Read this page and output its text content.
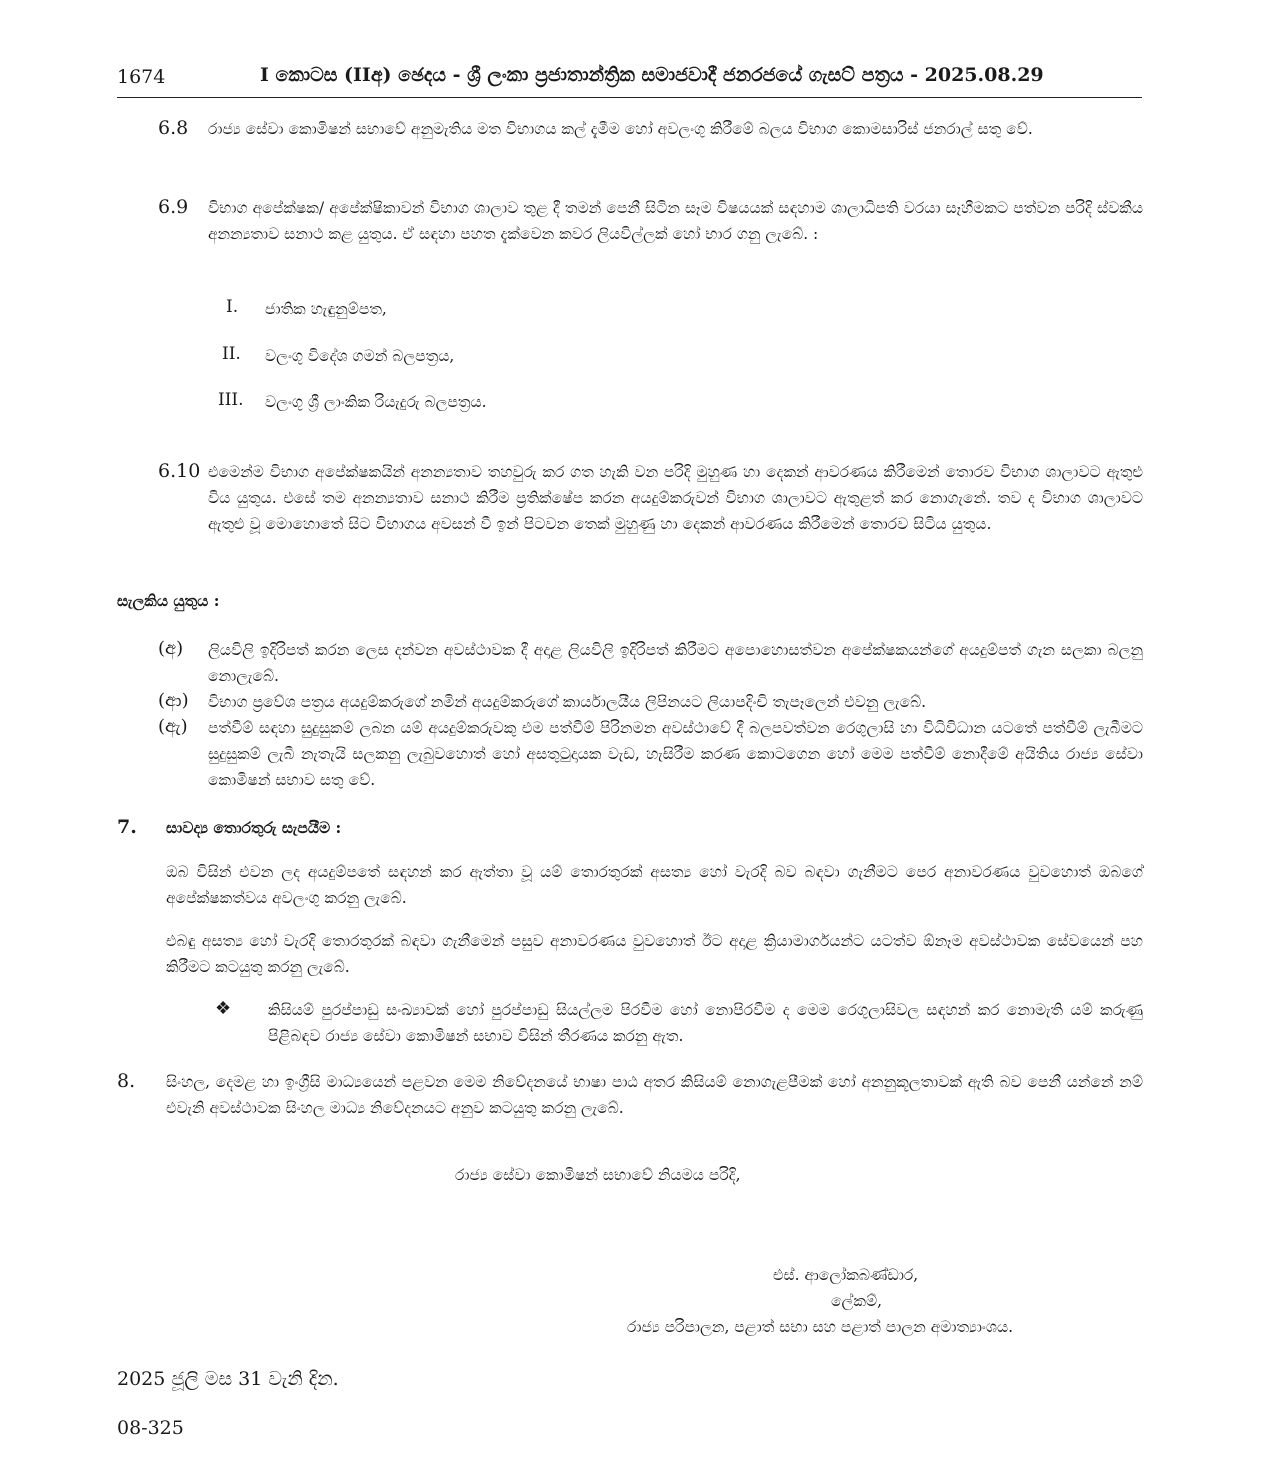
1674	I කොටස (IIඅ) ඡෙදය - ශ්‍රී ලංකා ප්‍රජාතාන්ත්‍රික සමාජවාදී ජනරජයේ ගැසට් පත්‍රය - 2025.08.29
6.8 රාජ්‍ය සේවා කොමිෂන් සභාවේ අනුමැතිය මත විභාගය කල් දැමීම හෝ අවලංගු කිරීමේ බලය විභාග කොමසාරිස් ජනරාල් සතු වේ.
6.9 විභාග අපේක්ෂක/ අපේක්ෂිකාවන් විභාග ශාලාව තුළ දී තමන් පෙනී සිටින සෑම විෂයයක් සඳහාම ශාලාධිපති වරයා සෑහීමකට පත්වන පරිදි ස්වකීය අනන්‍යතාව සනාථ කළ යුතුය. ඒ සඳහා පහත දැක්වෙන කවර ලියවිල්ලක් හෝ භාර ගනු ලැබේ. :
I. ජාතික හැඳුනුම්පත,
II. වලංගු විදේශ ගමන් බලපත්‍රය,
III. වලංගු ශ්‍රී ලාංකික රියැදුරු බලපත්‍රය.
6.10 එමෙන්ම විභාග අපේක්ෂකයින් අනන්‍යතාව තහවුරු කර ගත හැකි වන පරිදි මුහුණ හා දෙකන් ආවරණය කිරීමෙන් තොරව විභාග ශාලාවට ඇතුළු විය යුතුය. එසේ තම අනන්‍යතාව සනාථ කිරීම ප්‍රතික්ෂේප කරන අයදුම්කරුවන් විභාග ශාලාවට ඇතුළත් කර නොගැනේ. තව ද විභාග ශාලාවට ඇතුළු වූ මොහොතේ සිට විභාගය අවසන් වී ඉන් පිටවන තෙක් මුහුණු හා දෙකන් ආවරණය කිරීමෙන් තොරව සිටිය යුතුය.
සැලකිය යුතුය :
(අ) ලියවිලි ඉදිරිපත් කරන ලෙස දන්වන අවස්ථාවක දී අදාළ ලියවිලි ඉදිරිපත් කිරීමට අපොහොසත්වන අපේක්ෂකයන්ගේ අයදුම්පත් ගැන සලකා බලනු නොලැබේ.
(ආ) විභාග ප්‍රවේශ පත්‍රය අයදුම්කරුගේ නමින් අයදුම්කරුගේ කාර්යාලයීය ලිපිනයට ලියාපදිංචි තැපෑලෙන් එවනු ලැබේ.
(ඇ) පත්වීම් සඳහා සුදුසුකම් ලබන යම් අයදුම්කරුවකු එම පත්වීම් පිරිනමන අවස්ථාවේ දී බලපවත්වන රෙගුලාසි හා විධිවිධාන යටතේ පත්වීම් ලැබීමට සුදුසුකම් ලැබී නැතැයි සලකනු ලැබුවහොත් හෝ අසතුටුදායක වැඩ, හැසිරීම කරණ කොටගෙන හෝ මෙම පත්වීම් නොදීමේ අයිතිය රාජ්‍ය සේවා කොමිෂන් සභාව සතු වේ.
7. සාවද්‍ය තොරතුරු සැපයීම :
ඔබ විසින් එවන ලද අයදුම්පතේ සඳහන් කර ඇත්තා වූ යම් තොරතුරක් අසත්‍ය හෝ වැරදි බව බඳවා ගැනීමට පෙර අනාවරණය වුවහොත් ඔබගේ අපේක්ෂකත්වය අවලංගු කරනු ලැබේ.
එබඳු අසත්‍ය හෝ වැරදි තොරතුරක් බඳවා ගැනීමෙන් පසුව අනාවරණය වුවහොත් ඊට අදාළ ක්‍රියාමාර්ගයන්ට යටත්ව ඕනෑම අවස්ථාවක සේවයෙන් පහ කිරීමට කටයුතු කරනු ලැබේ.
❖ කිසියම් පුරප්පාඩු සංඛ්‍යාවක් හෝ පුරප්පාඩු සියල්ලම පිරවීම හෝ නොපිරවීම ද මෙම රෙගුලාසිවල සඳහන් කර නොමැති යම් කරුණු පිළිබඳව රාජ්‍ය සේවා කොමිෂන් සභාව විසින් තීරණය කරනු ඇත.
8. සිංහල, දෙමළ හා ඉංග්‍රීසි මාධ්‍යයෙන් පළවන මෙම නිවේදනයේ භාෂා පාඨ අතර කිසියම් නොගැළපීමක් හෝ අනනුකූලතාවක් ඇති බව පෙනී යන්නේ නම් එවැනි අවස්ථාවක සිංහල මාධ්‍ය නිවේදනයට අනුව කටයුතු කරනු ලැබේ.
රාජ්‍ය සේවා කොමිෂන් සභාවේ නියමය පරිදි,
එස්. ආලෝකබණ්ඩාර,
ලේකම්,
රාජ්‍ය පරිපාලන, පළාත් සභා සහ පළාත් පාලන අමාත්‍යාංශය.
2025 ජූලි මස 31 වැනි දින.
08-325
